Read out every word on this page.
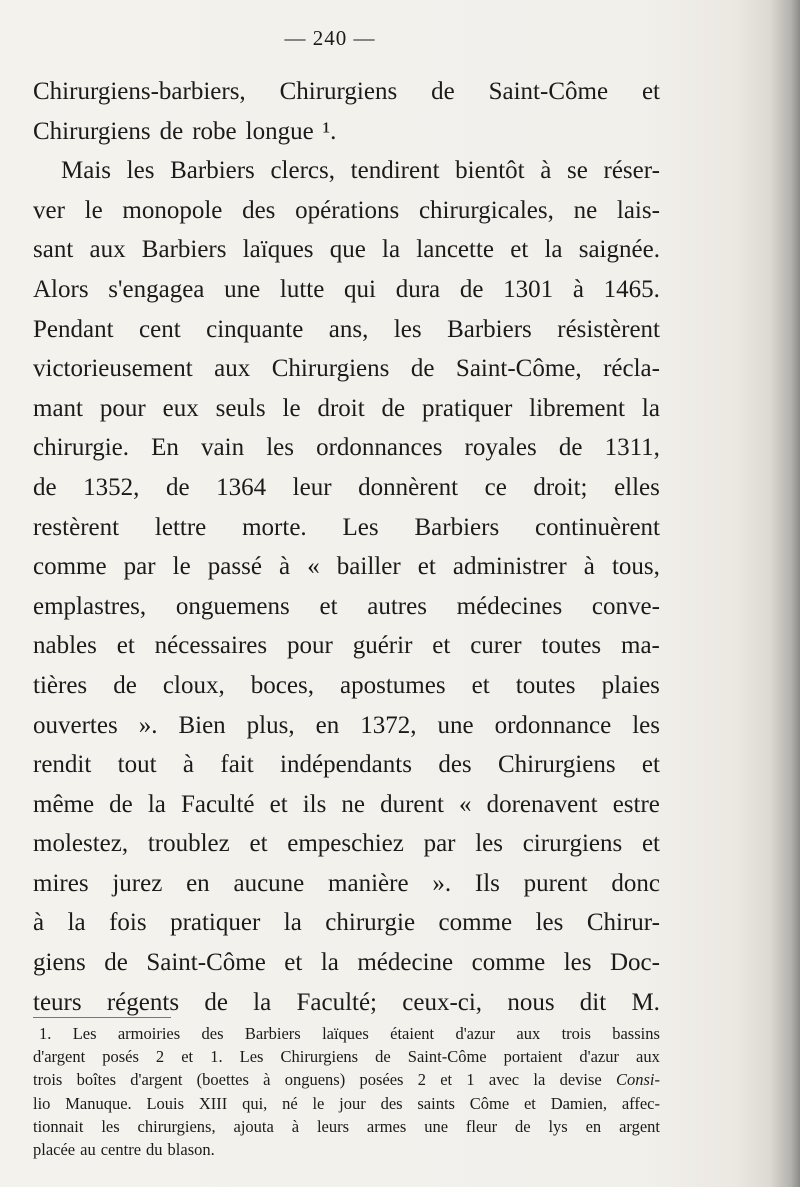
— 240 —
Chirurgiens-barbiers, Chirurgiens de Saint-Côme et
Chirurgiens de robe longue ¹.
Mais les Barbiers clercs, tendirent bientôt à se réser-
ver le monopole des opérations chirurgicales, ne lais-
sant aux Barbiers laïques que la lancette et la saignée.
Alors s'engagea une lutte qui dura de 1301 à 1465.
Pendant cent cinquante ans, les Barbiers résistèrent
victorieusement aux Chirurgiens de Saint-Côme, récla-
mant pour eux seuls le droit de pratiquer librement la
chirurgie. En vain les ordonnances royales de 1311,
de 1352, de 1364 leur donnèrent ce droit; elles
restèrent lettre morte. Les Barbiers continuèrent
comme par le passé à « bailler et administrer à tous,
emplastres, onguemens et autres médecines conve-
nables et nécessaires pour guérir et curer toutes ma-
tières de cloux, boces, apostumes et toutes plaies
ouvertes ». Bien plus, en 1372, une ordonnance les
rendit tout à fait indépendants des Chirurgiens et
même de la Faculté et ils ne durent « dorenavent estre
molestez, troublez et empeschiez par les cirurgiens et
mires jurez en aucune manière ». Ils purent donc
à la fois pratiquer la chirurgie comme les Chirur-
giens de Saint-Côme et la médecine comme les Doc-
teurs régents de la Faculté; ceux-ci, nous dit M.
1. Les armoiries des Barbiers laïques étaient d'azur aux trois bassins
d'argent posés 2 et 1. Les Chirurgiens de Saint-Côme portaient d'azur aux
trois boîtes d'argent (boettes à onguens) posées 2 et 1 avec la devise Consi-
lio Manuque. Louis XIII qui, né le jour des saints Côme et Damien, affec-
tionnait les chirurgiens, ajouta à leurs armes une fleur de lys en argent
placée au centre du blason.
